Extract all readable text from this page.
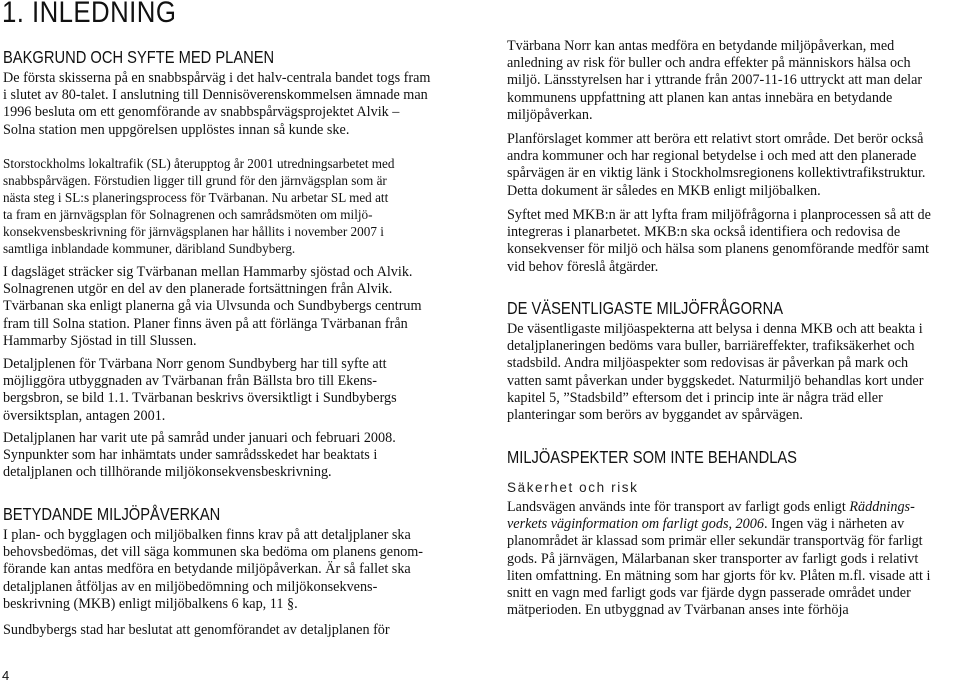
1. INLEDNING
BAKGRUND OCH SYFTE MED PLANEN
De första skisserna på en snabbspårväg i det halv-centrala bandet togs fram
i slutet av 80-talet. I anslutning till Dennisöverenskommelsen ämnade man
1996 besluta om ett genomförande av snabbspårvägsprojektet Alvik –
Solna station men uppgörelsen upplöstes innan så kunde ske.
Storstockholms lokaltrafik (SL) återupptog år 2001 utredningsarbetet med
snabbspårvägen. Förstudien ligger till grund för den järnvägsplan som är
nästa steg i SL:s planeringsprocess för Tvärbanan. Nu arbetar SL med att
ta fram en järnvägsplan för Solnagrenen och samrådsmöten om miljö-
konsekvensbeskrivning för järnvägsplanen har hållits i november 2007 i
samtliga inblandade kommuner, däribland Sundbyberg.
I dagsläget sträcker sig Tvärbanan mellan Hammarby sjöstad och Alvik.
Solnagrenen utgör en del av den planerade fortsättningen från Alvik.
Tvärbanan ska enligt planerna gå via Ulvsunda och Sundbybergs centrum
fram till Solna station. Planer finns även på att förlänga Tvärbanan från
Hammarby Sjöstad in till Slussen.
Detaljplenen för Tvärbana Norr genom Sundbyberg har till syfte att
möjliggöra utbyggnaden av Tvärbanan från Bällsta bro till Ekens-
bergsbron, se bild 1.1. Tvärbanan beskrivs översiktligt i Sundbybergs
översiktsplan, antagen 2001.
Detaljplanen har varit ute på samråd under januari och februari 2008.
Synpunkter som har inhämtats under samrådsskedet har beaktats i
detaljplanen och tillhörande miljökonsekvensbeskrivning.
BETYDANDE MILJÖPÅVERKAN
I plan- och bygglagen och miljöbalken finns krav på att detaljplaner ska
behovsbedömas, det vill säga kommunen ska bedöma om planens genom-
förande kan antas medföra en betydande miljöpåverkan. Är så fallet ska
detaljplanen åtföljas av en miljöbedömning och miljökonsekvens-
beskrivning (MKB) enligt miljöbalkens 6 kap, 11 §.
Sundbybergs stad har beslutat att genomförandet av detaljplanen för
Tvärbana Norr kan antas medföra en betydande miljöpåverkan, med
anledning av risk för buller och andra effekter på människors hälsa och
miljö. Länsstyrelsen har i yttrande från 2007-11-16 uttryckt att man delar
kommunens uppfattning att planen kan antas innebära en betydande
miljöpåverkan.
Planförslaget kommer att beröra ett relativt stort område. Det berör också
andra kommuner och har regional betydelse i och med att den planerade
spårvägen är en viktig länk i Stockholmsregionens kollektivtrafikstruktur.
Detta dokument är således en MKB enligt miljöbalken.
Syftet med MKB:n är att lyfta fram miljöfrågorna i planprocessen så att de
integreras i planarbetet. MKB:n ska också identifiera och redovisa de
konsekvenser för miljö och hälsa som planens genomförande medför samt
vid behov föreslå åtgärder.
DE VÄSENTLIGASTE MILJÖFRÅGORNA
De väsentligaste miljöaspekterna att belysa i denna MKB och att beakta i
detaljplaneringen bedöms vara buller, barriäreffekter, trafiksäkerhet och
stadsbild. Andra miljöaspekter som redovisas är påverkan på mark och
vatten samt påverkan under byggskedet. Naturmiljö behandlas kort under
kapitel 5, ”Stadsbild” eftersom det i princip inte är några träd eller
planteringar som berörs av byggandet av spårvägen.
MILJÖASPEKTER SOM INTE BEHANDLAS
Säkerhet och risk
Landsvägen används inte för transport av farligt gods enligt Räddnings-
verkets väginformation om farligt gods, 2006. Ingen väg i närheten av
planområdet är klassad som primär eller sekundär transportväg för farligt
gods. På järnvägen, Mälarbanan sker transporter av farligt gods i relativt
liten omfattning. En mätning som har gjorts för kv. Plåten m.fl. visade att i
snitt en vagn med farligt gods var fjärde dygn passerade området under
mätperioden. En utbyggnad av Tvärbanan anses inte förhöja
4
